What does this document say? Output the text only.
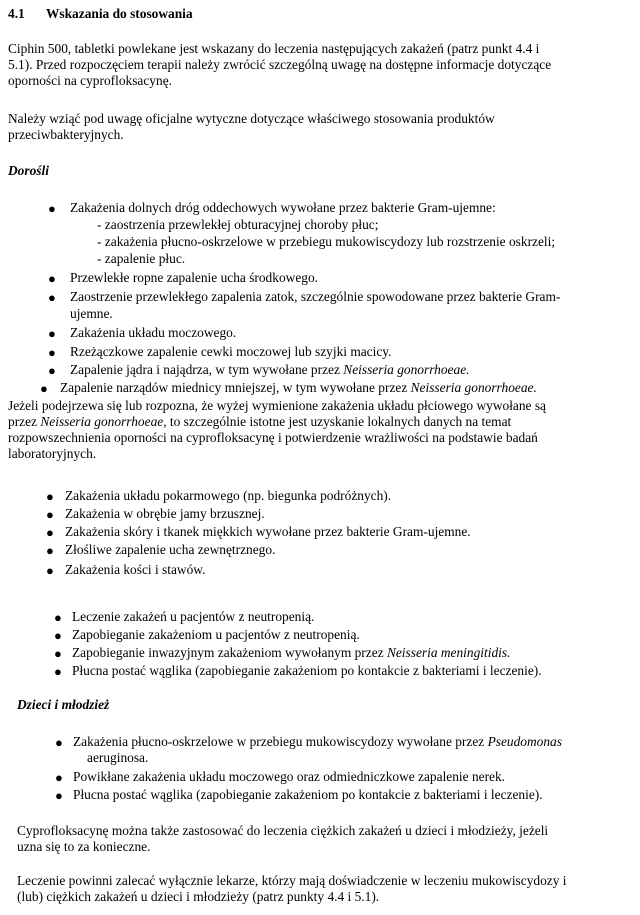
4.1 Wskazania do stosowania
Ciphin 500, tabletki powlekane jest wskazany do leczenia następujących zakażeń (patrz punkt 4.4 i
5.1). Przed rozpoczęciem terapii należy zwrócić szczególną uwagę na dostępne informacje dotyczące
oporności na cyprofloksacynę.
Należy wziąć pod uwagę oficjalne wytyczne dotyczące właściwego stosowania produktów
przeciwbakteryjnych.
Dorośli
● Zakażenia dolnych dróg oddechowych wywołane przez bakterie Gram-ujemne:
- zaostrzenia przewlekłej obturacyjnej choroby płuc;
- zakażenia płucno-oskrzelowe w przebiegu mukowiscydozy lub rozstrzenie oskrzeli;
- zapalenie płuc.
● Przewlekłe ropne zapalenie ucha środkowego.
● Zaostrzenie przewlekłego zapalenia zatok, szczególnie spowodowane przez bakterie Gram-
ujemne.
● Zakażenia układu moczowego.
● Rzeżączkowe zapalenie cewki moczowej lub szyjki macicy.
● Zapalenie jądra i najądrza, w tym wywołane przez Neisseria gonorrhoeae.
● Zapalenie narządów miednicy mniejszej, w tym wywołane przez Neisseria gonorrhoeae.
Jeżeli podejrzewa się lub rozpozna, że wyżej wymienione zakażenia układu płciowego wywołane są
przez Neisseria gonorrhoeae, to szczególnie istotne jest uzyskanie lokalnych danych na temat
rozpowszechnienia oporności na cyprofloksacynę i potwierdzenie wrażliwości na podstawie badań
laboratoryjnych.
● Zakażenia układu pokarmowego (np. biegunka podróżnych).
● Zakażenia w obrębie jamy brzusznej.
● Zakażenia skóry i tkanek miękkich wywołane przez bakterie Gram-ujemne.
● Złośliwe zapalenie ucha zewnętrznego.
● Zakażenia kości i stawów.
● Leczenie zakażeń u pacjentów z neutropenią.
● Zapobieganie zakażeniom u pacjentów z neutropenią.
● Zapobieganie inwazyjnym zakażeniom wywołanym przez Neisseria meningitidis.
● Płucna postać wąglika (zapobieganie zakażeniom po kontakcie z bakteriami i leczenie).
Dzieci i młodzież
● Zakażenia płucno-oskrzelowe w przebiegu mukowiscydozy wywołane przez Pseudomonas
aeruginosa.
● Powikłane zakażenia układu moczowego oraz odmiedniczkowe zapalenie nerek.
● Płucna postać wąglika (zapobieganie zakażeniom po kontakcie z bakteriami i leczenie).
Cyprofloksacynę można także zastosować do leczenia ciężkich zakażeń u dzieci i młodzieży, jeżeli
uzna się to za konieczne.
Leczenie powinni zalecać wyłącznie lekarze, którzy mają doświadczenie w leczeniu mukowiscydozy i
(lub) ciężkich zakażeń u dzieci i młodzieży (patrz punkty 4.4 i 5.1).
